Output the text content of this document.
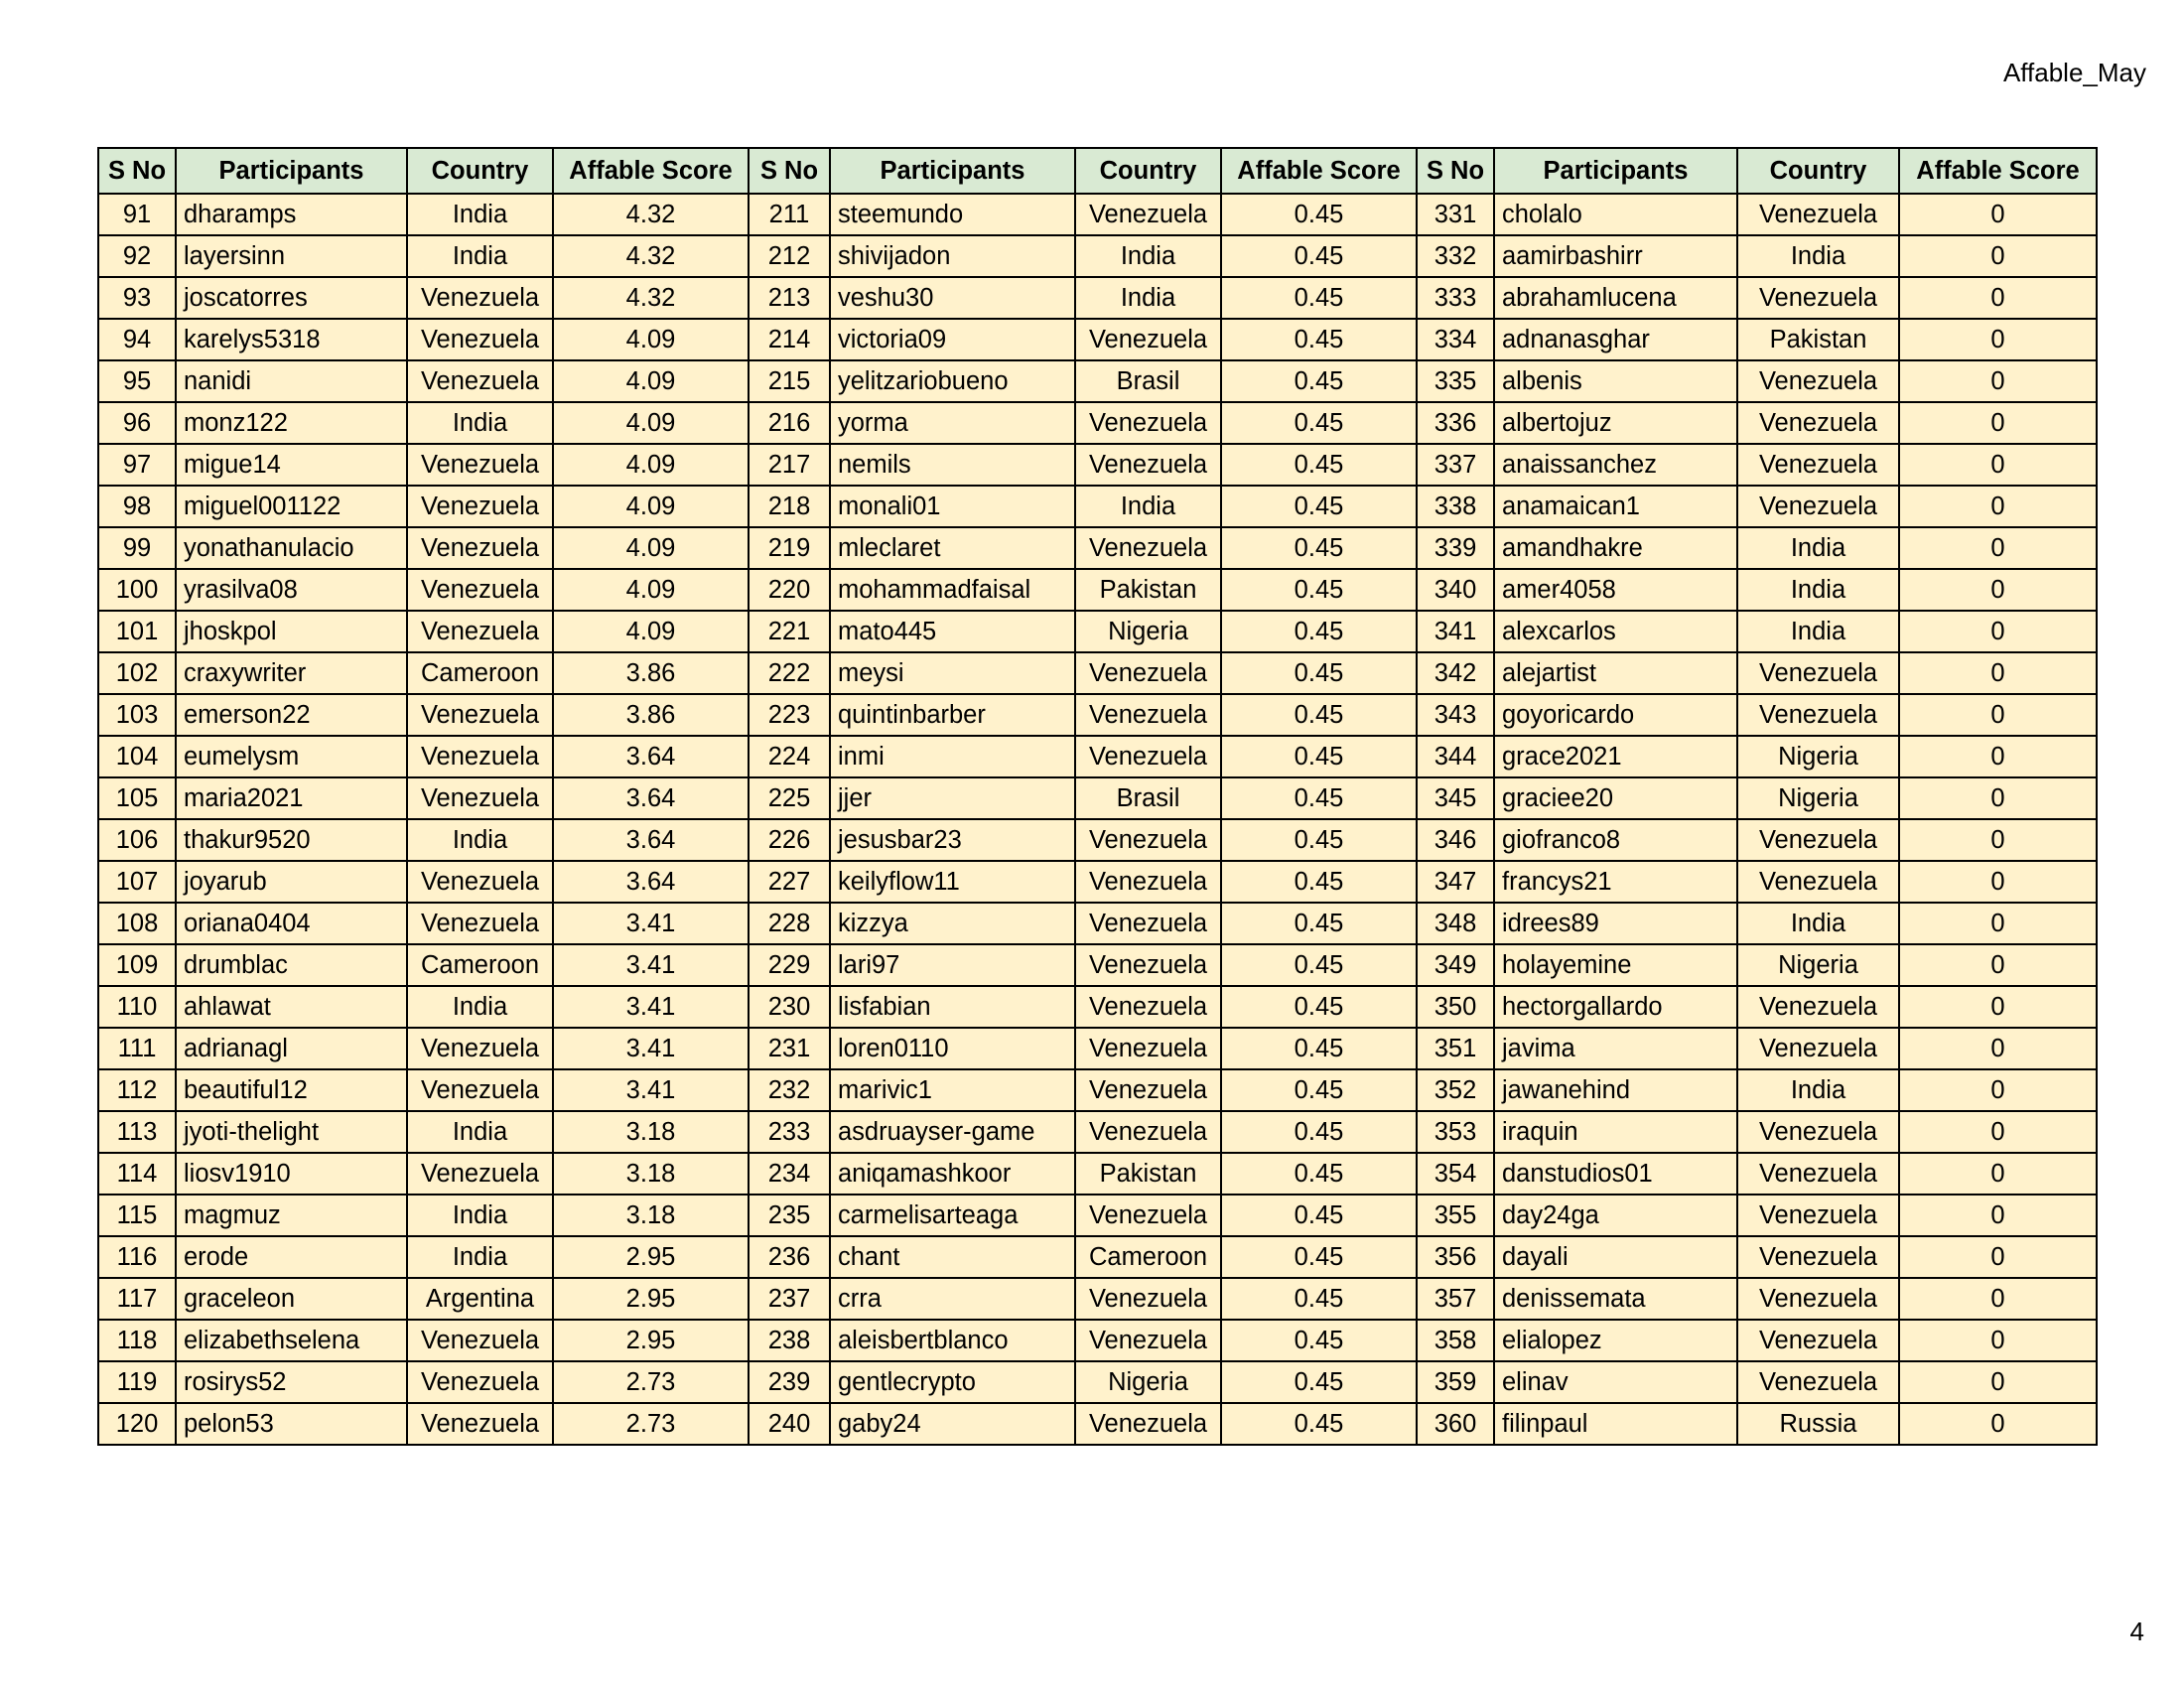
Affable_May
S No	Participants	Country	Affable Score	S No	Participants	Country	Affable Score	S No	Participants	Country	Affable Score
91	dharamps	India	4.32	211	steemundo	Venezuela	0.45	331	cholalo	Venezuela	0
92	layersinn	India	4.32	212	shivijadon	India	0.45	332	aamirbashirr	India	0
93	joscatorres	Venezuela	4.32	213	veshu30	India	0.45	333	abrahamlucena	Venezuela	0
94	karelys5318	Venezuela	4.09	214	victoria09	Venezuela	0.45	334	adnanasghar	Pakistan	0
95	nanidi	Venezuela	4.09	215	yelitzariobueno	Brasil	0.45	335	albenis	Venezuela	0
96	monz122	India	4.09	216	yorma	Venezuela	0.45	336	albertojuz	Venezuela	0
97	migue14	Venezuela	4.09	217	nemils	Venezuela	0.45	337	anaissanchez	Venezuela	0
98	miguel001122	Venezuela	4.09	218	monali01	India	0.45	338	anamaican1	Venezuela	0
99	yonathanulacio	Venezuela	4.09	219	mleclaret	Venezuela	0.45	339	amandhakre	India	0
100	yrasilva08	Venezuela	4.09	220	mohammadfaisal	Pakistan	0.45	340	amer4058	India	0
101	jhoskpol	Venezuela	4.09	221	mato445	Nigeria	0.45	341	alexcarlos	India	0
102	craxywriter	Cameroon	3.86	222	meysi	Venezuela	0.45	342	alejartist	Venezuela	0
103	emerson22	Venezuela	3.86	223	quintinbarber	Venezuela	0.45	343	goyoricardo	Venezuela	0
104	eumelysm	Venezuela	3.64	224	inmi	Venezuela	0.45	344	grace2021	Nigeria	0
105	maria2021	Venezuela	3.64	225	jjer	Brasil	0.45	345	graciee20	Nigeria	0
106	thakur9520	India	3.64	226	jesusbar23	Venezuela	0.45	346	giofranco8	Venezuela	0
107	joyarub	Venezuela	3.64	227	keilyflow11	Venezuela	0.45	347	francys21	Venezuela	0
108	oriana0404	Venezuela	3.41	228	kizzya	Venezuela	0.45	348	idrees89	India	0
109	drumblac	Cameroon	3.41	229	lari97	Venezuela	0.45	349	holayemine	Nigeria	0
110	ahlawat	India	3.41	230	lisfabian	Venezuela	0.45	350	hectorgallardo	Venezuela	0
111	adrianagl	Venezuela	3.41	231	loren0110	Venezuela	0.45	351	javima	Venezuela	0
112	beautiful12	Venezuela	3.41	232	marivic1	Venezuela	0.45	352	jawanehind	India	0
113	jyoti-thelight	India	3.18	233	asdruayser-game	Venezuela	0.45	353	iraquin	Venezuela	0
114	liosv1910	Venezuela	3.18	234	aniqamashkoor	Pakistan	0.45	354	danstudios01	Venezuela	0
115	magmuz	India	3.18	235	carmelisarteaga	Venezuela	0.45	355	day24ga	Venezuela	0
116	erode	India	2.95	236	chant	Cameroon	0.45	356	dayali	Venezuela	0
117	graceleon	Argentina	2.95	237	crra	Venezuela	0.45	357	denissemata	Venezuela	0
118	elizabethselena	Venezuela	2.95	238	aleisbertblanco	Venezuela	0.45	358	elialopez	Venezuela	0
119	rosirys52	Venezuela	2.73	239	gentlecrypto	Nigeria	0.45	359	elinav	Venezuela	0
120	pelon53	Venezuela	2.73	240	gaby24	Venezuela	0.45	360	filinpaul	Russia	0
4
